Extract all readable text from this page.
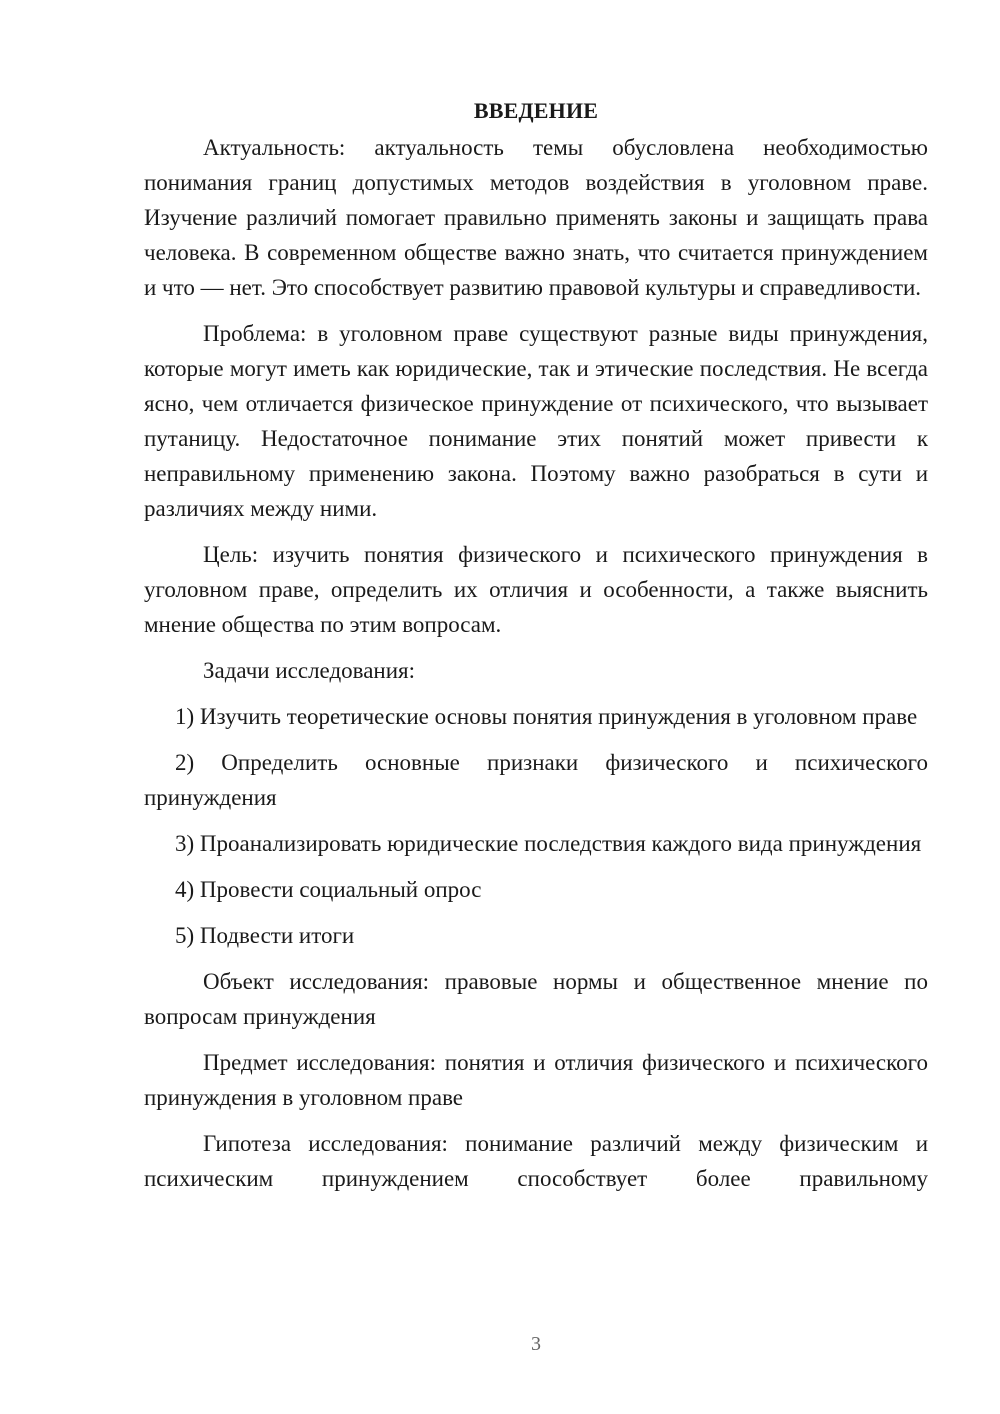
ВВЕДЕНИЕ

Актуальность: актуальность темы обусловлена необходимостью понимания границ допустимых методов воздействия в уголовном праве. Изучение различий помогает правильно применять законы и защищать права человека. В современном обществе важно знать, что считается принуждением и что — нет. Это способствует развитию правовой культуры и справедливости.

Проблема: в уголовном праве существуют разные виды принуждения, которые могут иметь как юридические, так и этические последствия. Не всегда ясно, чем отличается физическое принуждение от психического, что вызывает путаницу. Недостаточное понимание этих понятий может привести к неправильному применению закона. Поэтому важно разобраться в сути и различиях между ними.

Цель: изучить понятия физического и психического принуждения в уголовном праве, определить их отличия и особенности, а также выяснить мнение общества по этим вопросам.

Задачи исследования:

1) Изучить теоретические основы понятия принуждения в уголовном праве

2) Определить основные признаки физического и психического принуждения

3) Проанализировать юридические последствия каждого вида принуждения

4) Провести социальный опрос

5) Подвести итоги

Объект исследования: правовые нормы и общественное мнение по вопросам принуждения

Предмет исследования: понятия и отличия физического и психического принуждения в уголовном праве

Гипотеза исследования: понимание различий между физическим и психическим принуждением способствует более правильному

3
